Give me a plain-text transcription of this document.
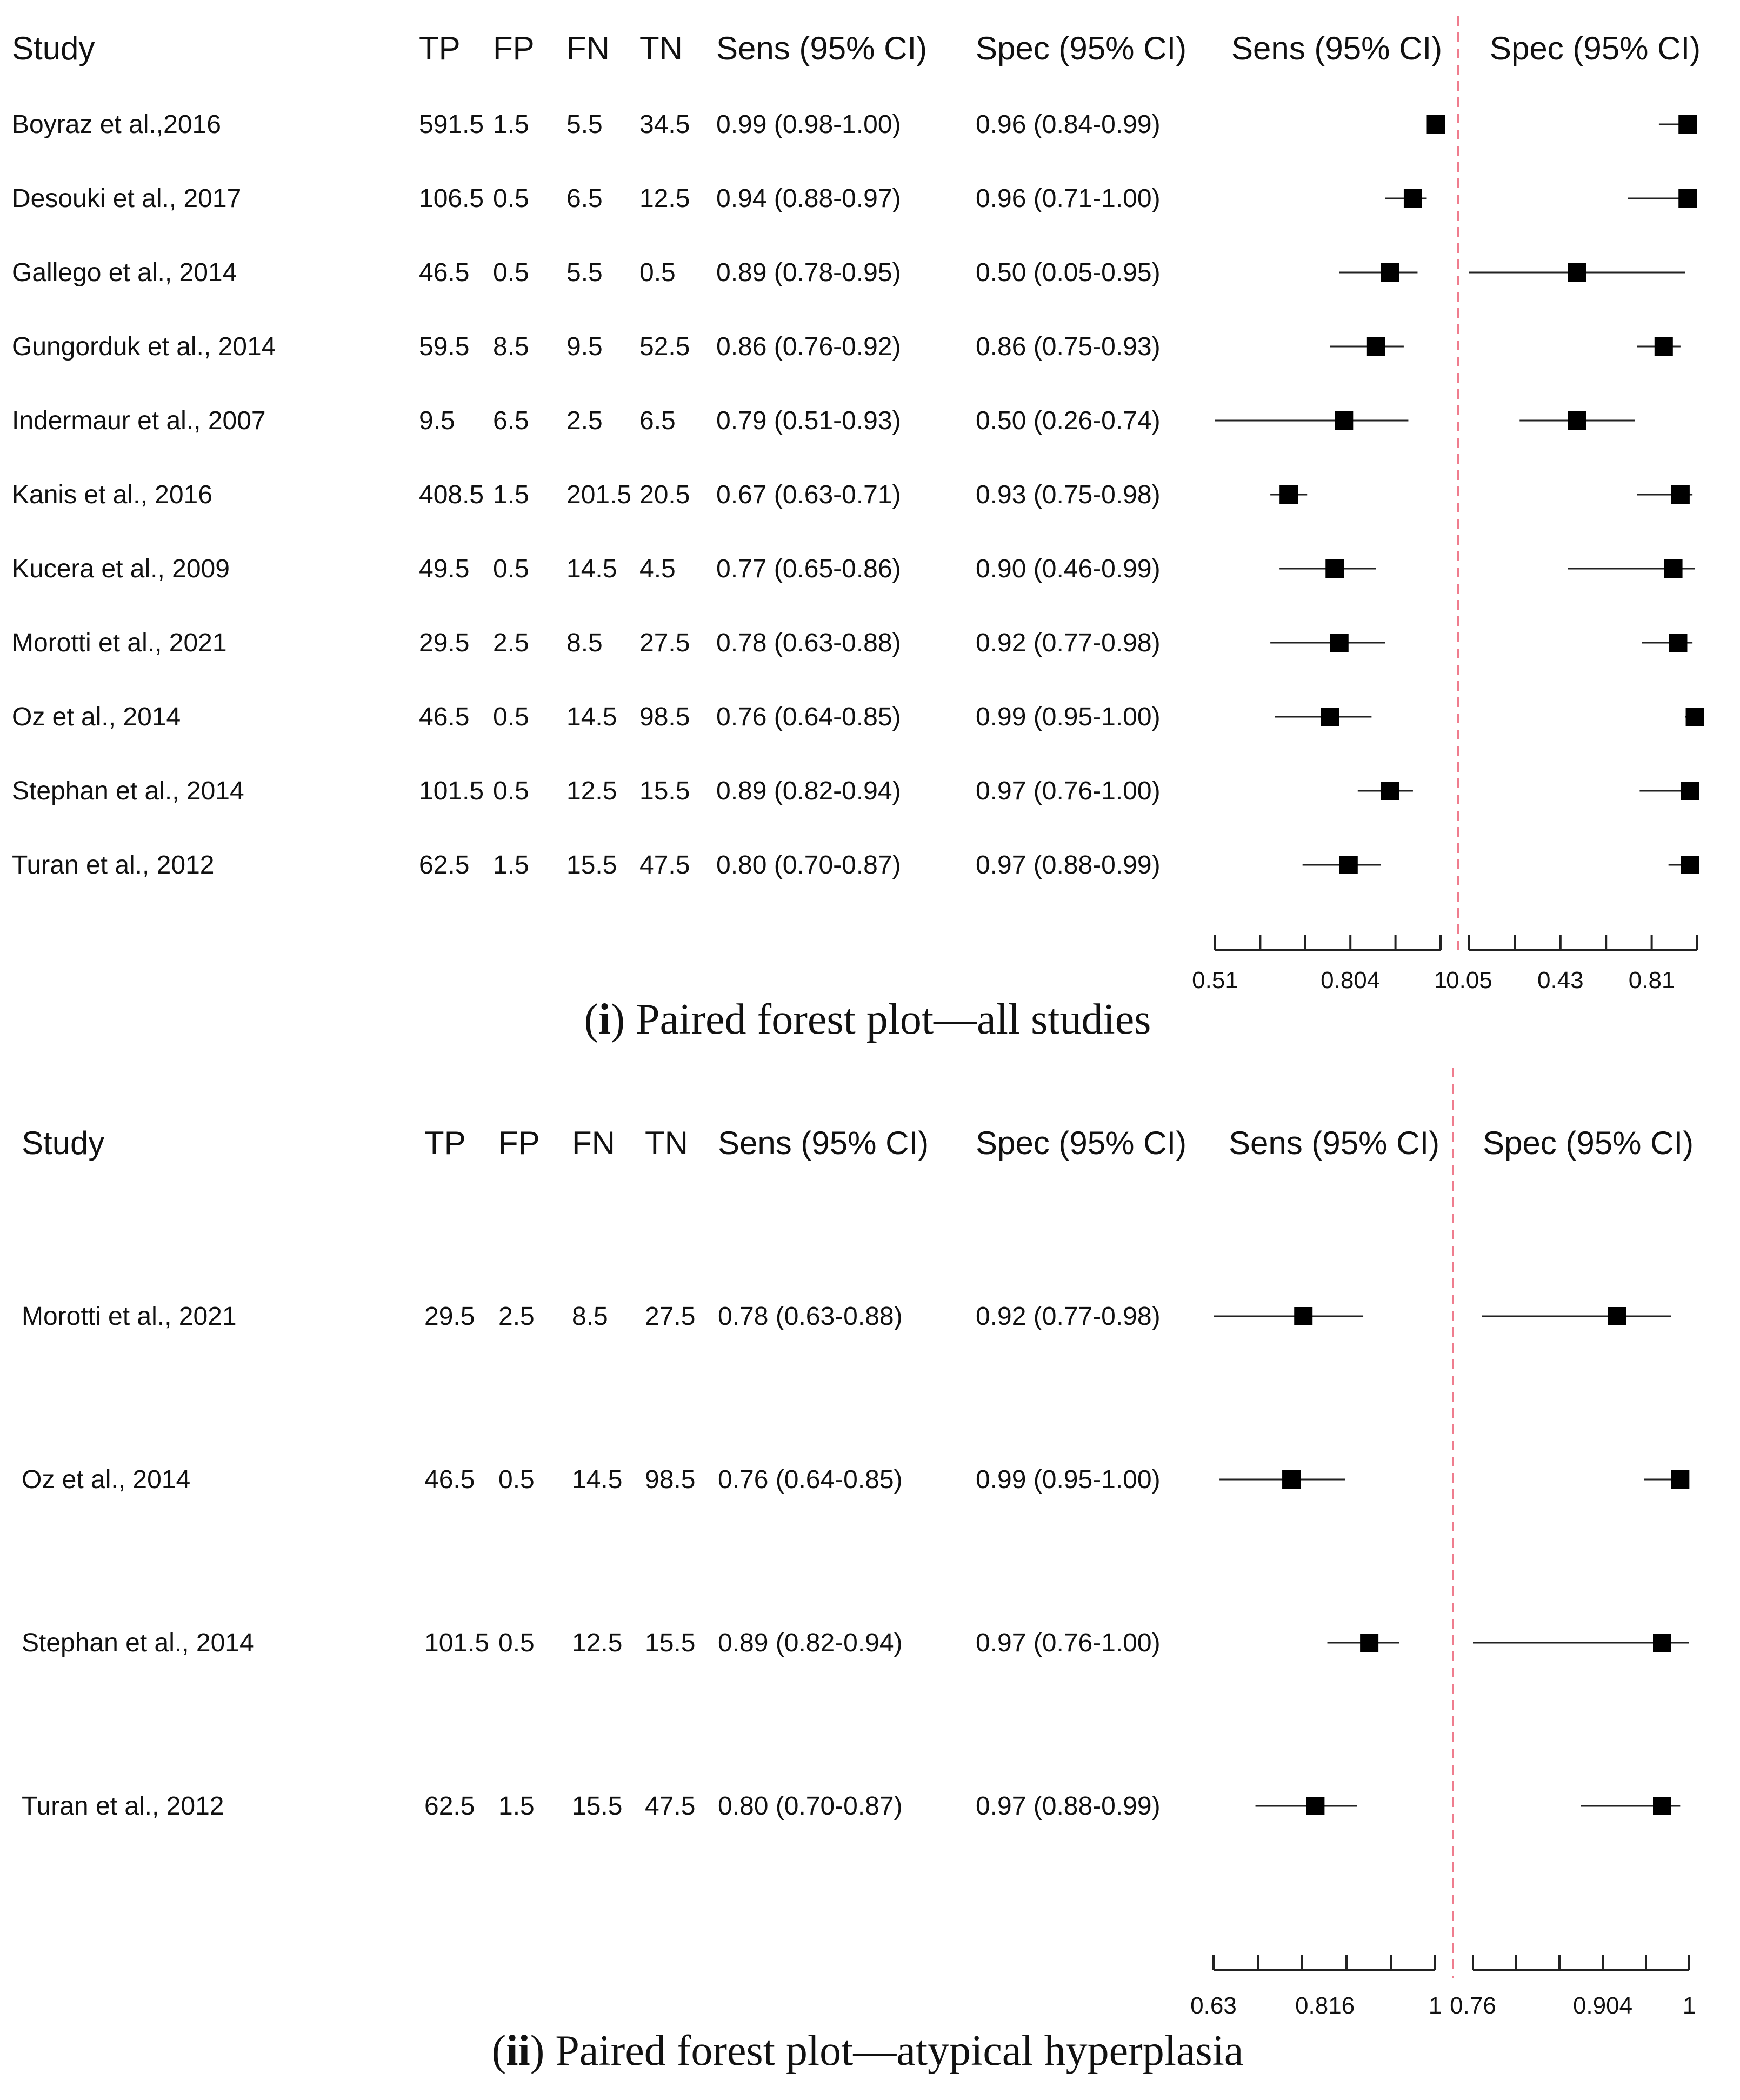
Study	TP FP FN TN Sens (95% CI) Spec (95% CI) Sens (95% CI) Spec (95% CI)
Boyraz et al.,2016	591.5 1.5 5.5 34.5 0.99 (0.98-1.00)	0.96 (0.84-0.99)
Desouki et al., 2017	106.5 0.5 6.5 12.5 0.94 (0.88-0.97)	0.96 (0.71-1.00)
Gallego et al., 2014	46.5 0.5 5.5 0.5 0.89 (0.78-0.95)	0.50 (0.05-0.95)
Gungorduk et al., 2014	59.5 8.5 9.5 52.5 0.86 (0.76-0.92)	0.86 (0.75-0.93)
Indermaur et al., 2007	9.5 6.5 2.5 6.5 0.79 (0.51-0.93)	0.50 (0.26-0.74)
Kanis et al., 2016	408.5 1.5 201.5 20.5 0.67 (0.63-0.71)	0.93 (0.75-0.98)
Kucera et al., 2009	49.5 0.5 14.5 4.5 0.77 (0.65-0.86)	0.90 (0.46-0.99)
Morotti et al., 2021	29.5 2.5 8.5 27.5 0.78 (0.63-0.88)	0.92 (0.77-0.98)
Oz et al., 2014	46.5 0.5 14.5 98.5 0.76 (0.64-0.85)	0.99 (0.95-1.00)
Stephan et al., 2014	101.5 0.5 12.5 15.5 0.89 (0.82-0.94)	0.97 (0.76-1.00)
Turan et al., 2012	62.5 1.5 15.5 47.5 0.80 (0.70-0.87)	0.97 (0.88-0.99)
0.51	0.804 1
0.05 0.43 0.81
(i) Paired forest plot—all studies
Study	TP FP FN TN Sens (95% CI) Spec (95% CI) Sens (95% CI) Spec (95% CI)
Morotti et al., 2021	29.5 2.5 8.5 27.5 0.78 (0.63-0.88)	0.92 (0.77-0.98)
Oz et al., 2014	46.5 0.5 14.5 98.5 0.76 (0.64-0.85)	0.99 (0.95-1.00)
Stephan et al., 2014	101.5 0.5 12.5 15.5 0.89 (0.82-0.94)	0.97 (0.76-1.00)
Turan et al., 2012	62.5 1.5 15.5 47.5 0.80 (0.70-0.87)	0.97 (0.88-0.99)
0.63 0.816	1 0.76	0.904 1
(ii) Paired forest plot—atypical hyperplasia
